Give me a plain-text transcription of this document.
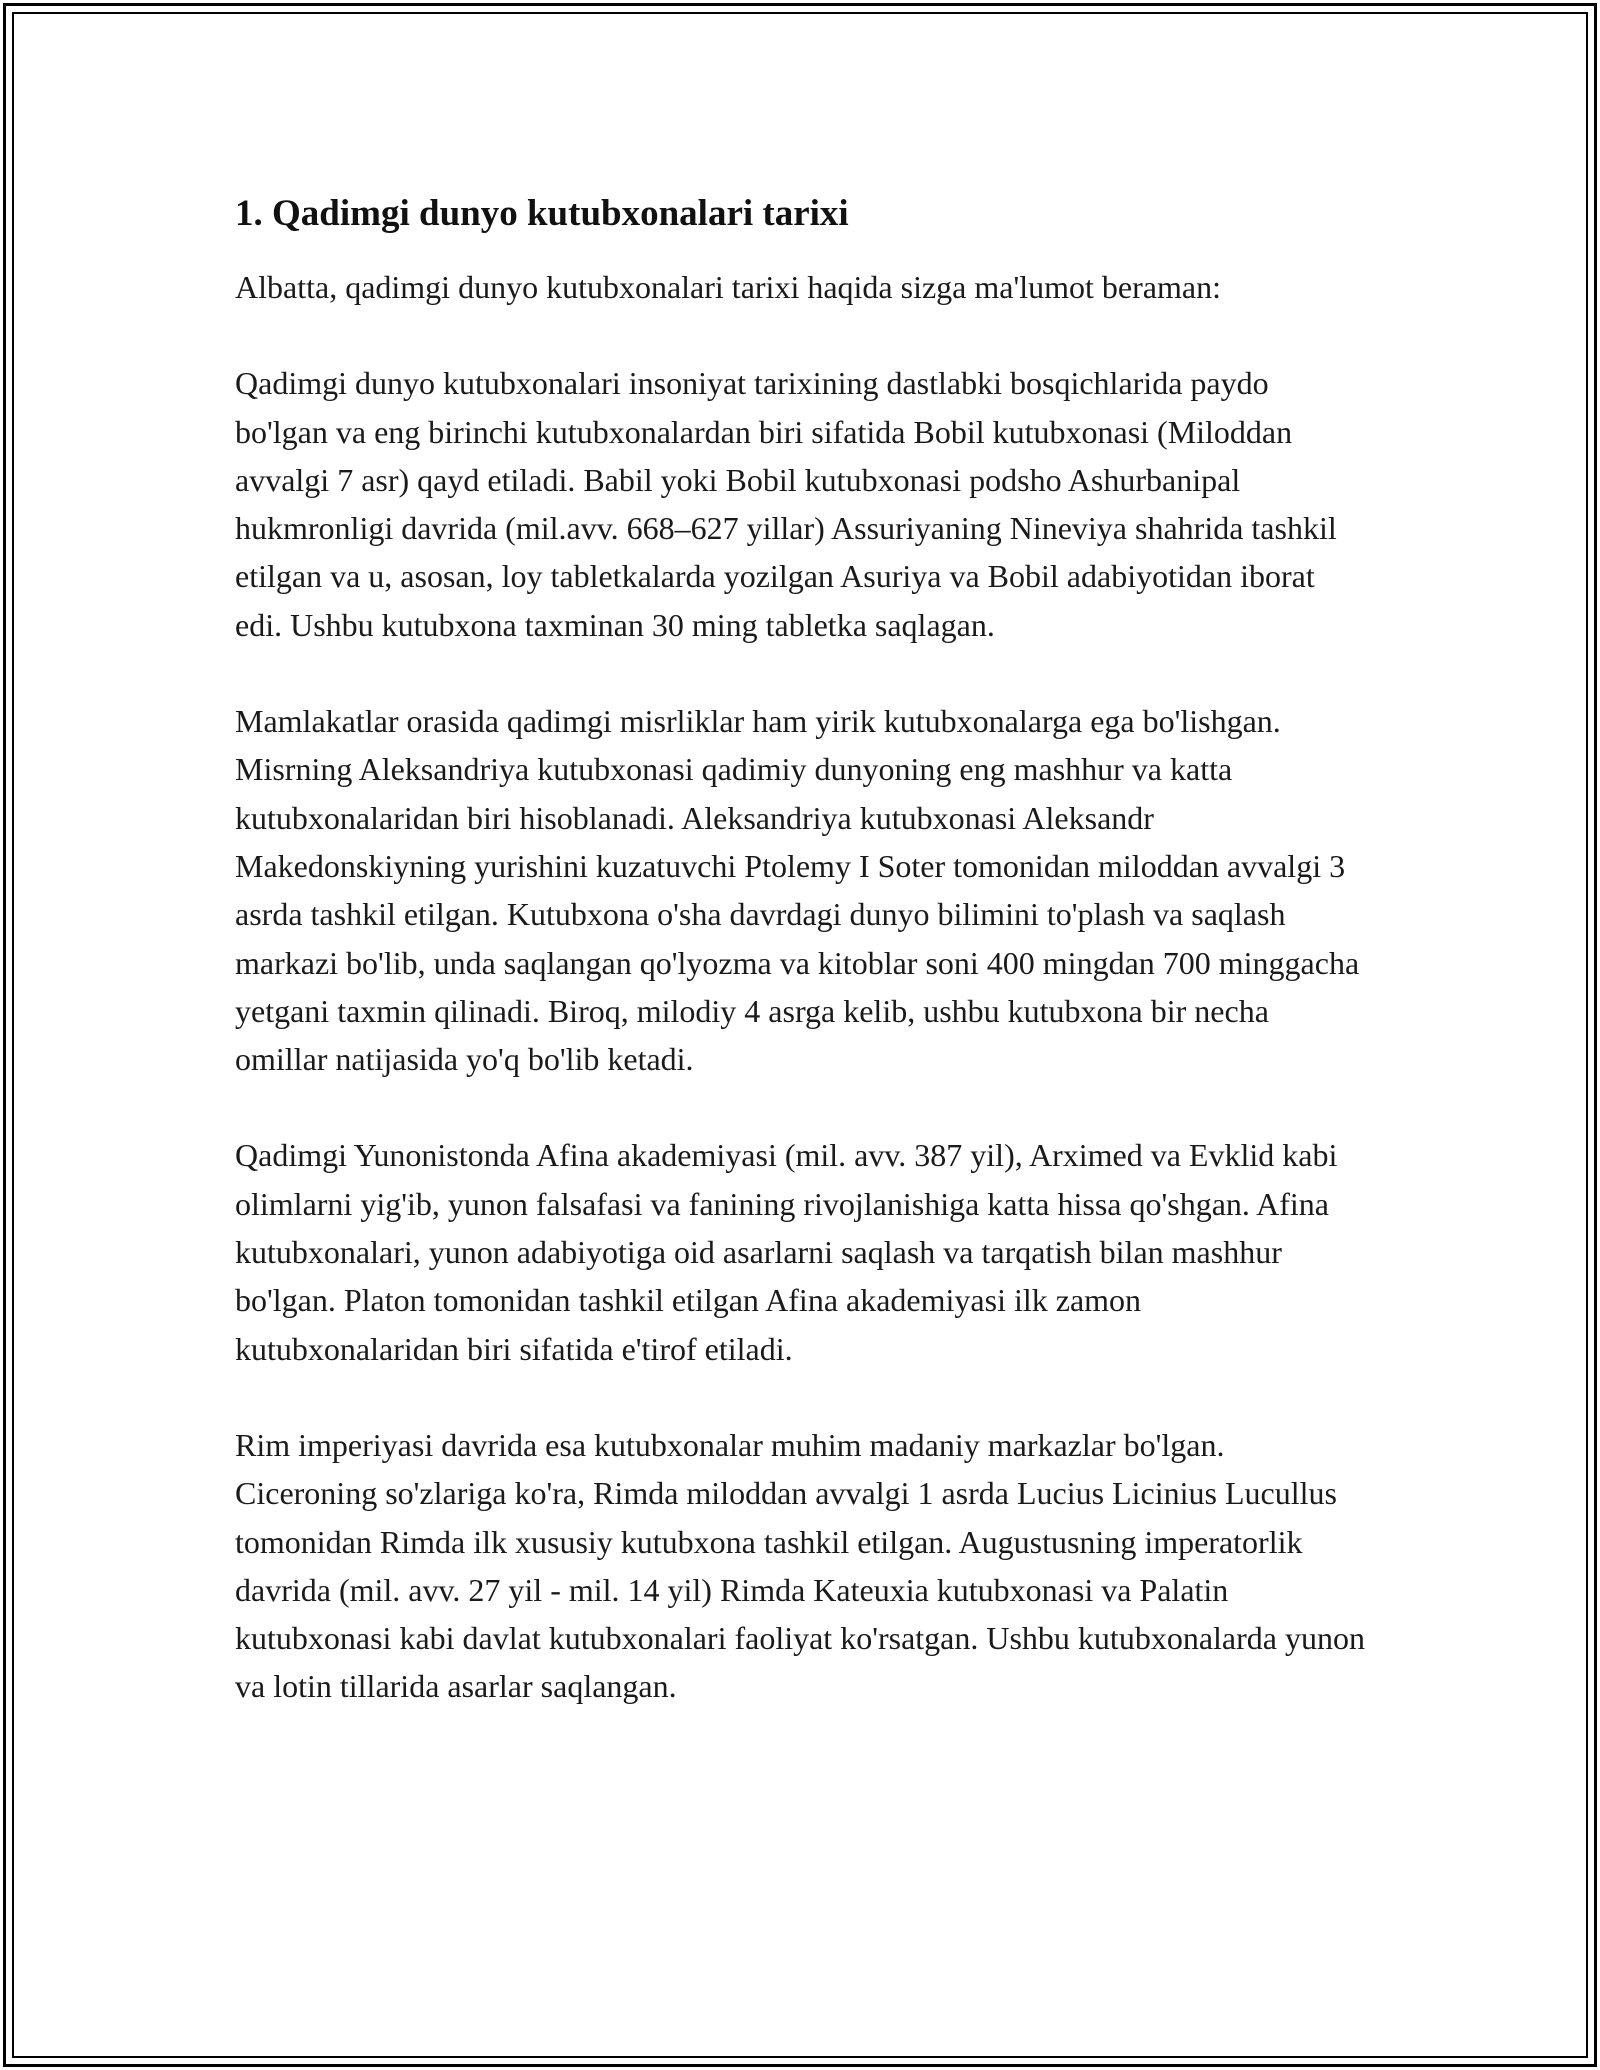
1. Qadimgi dunyo kutubxonalari tarixi

Albatta, qadimgi dunyo kutubxonalari tarixi haqida sizga ma'lumot beraman:

Qadimgi dunyo kutubxonalari insoniyat tarixining dastlabki bosqichlarida paydo bo'lgan va eng birinchi kutubxonalardan biri sifatida Bobil kutubxonasi (Miloddan avvalgi 7 asr) qayd etiladi. Babil yoki Bobil kutubxonasi podsho Ashurbanipal hukmronligi davrida (mil.avv. 668–627 yillar) Assuriyaning Nineviya shahrida tashkil etilgan va u, asosan, loy tabletkalarda yozilgan Asuriya va Bobil adabiyotidan iborat edi. Ushbu kutubxona taxminan 30 ming tabletka saqlagan.

Mamlakatlar orasida qadimgi misrliklar ham yirik kutubxonalarga ega bo'lishgan. Misrning Aleksandriya kutubxonasi qadimiy dunyoning eng mashhur va katta kutubxonalaridan biri hisoblanadi. Aleksandriya kutubxonasi Aleksandr Makedonskiyning yurishini kuzatuvchi Ptolemy I Soter tomonidan miloddan avvalgi 3 asrda tashkil etilgan. Kutubxona o'sha davrdagi dunyo bilimini to'plash va saqlash markazi bo'lib, unda saqlangan qo'lyozma va kitoblar soni 400 mingdan 700 minggacha yetgani taxmin qilinadi. Biroq, milodiy 4 asrga kelib, ushbu kutubxona bir necha omillar natijasida yo'q bo'lib ketadi.

Qadimgi Yunonistonda Afina akademiyasi (mil. avv. 387 yil), Arximed va Evklid kabi olimlarni yig'ib, yunon falsafasi va fanining rivojlanishiga katta hissa qo'shgan. Afina kutubxonalari, yunon adabiyotiga oid asarlarni saqlash va tarqatish bilan mashhur bo'lgan. Platon tomonidan tashkil etilgan Afina akademiyasi ilk zamon kutubxonalaridan biri sifatida e'tirof etiladi.

Rim imperiyasi davrida esa kutubxonalar muhim madaniy markazlar bo'lgan. Ciceroning so'zlariga ko'ra, Rimda miloddan avvalgi 1 asrda Lucius Licinius Lucullus tomonidan Rimda ilk xususiy kutubxona tashkil etilgan. Augustusning imperatorlik davrida (mil. avv. 27 yil - mil. 14 yil) Rimda Kateuxia kutubxonasi va Palatin kutubxonasi kabi davlat kutubxonalari faoliyat ko'rsatgan. Ushbu kutubxonalarda yunon va lotin tillarida asarlar saqlangan.
